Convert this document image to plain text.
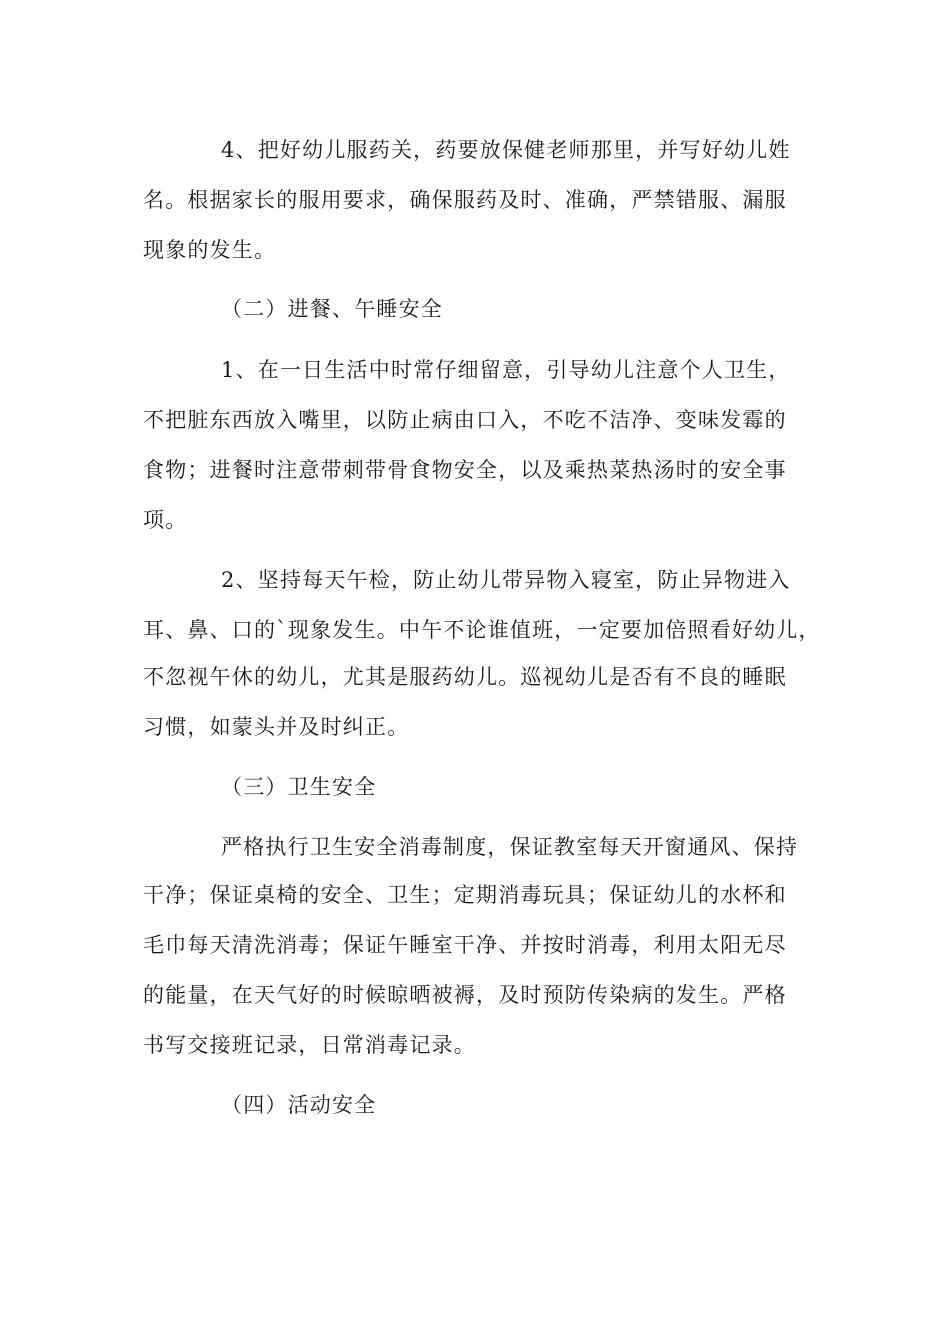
4、把好幼儿服药关，药要放保健老师那里，并写好幼儿姓
名。根据家长的服用要求，确保服药及时、准确，严禁错服、漏服
现象的发生。
（二）进餐、午睡安全
1、在一日生活中时常仔细留意，引导幼儿注意个人卫生，
不把脏东西放入嘴里，以防止病由口入，不吃不洁净、变味发霉的
食物；进餐时注意带刺带骨食物安全，以及乘热菜热汤时的安全事
项。
2、坚持每天午检，防止幼儿带异物入寝室，防止异物进入
耳、鼻、口的`现象发生。中午不论谁值班，一定要加倍照看好幼儿，
不忽视午休的幼儿，尤其是服药幼儿。巡视幼儿是否有不良的睡眠
习惯，如蒙头并及时纠正。
（三）卫生安全
严格执行卫生安全消毒制度，保证教室每天开窗通风、保持
干净；保证桌椅的安全、卫生；定期消毒玩具；保证幼儿的水杯和
毛巾每天清洗消毒；保证午睡室干净、并按时消毒，利用太阳无尽
的能量，在天气好的时候晾晒被褥，及时预防传染病的发生。严格
书写交接班记录，日常消毒记录。
（四）活动安全
